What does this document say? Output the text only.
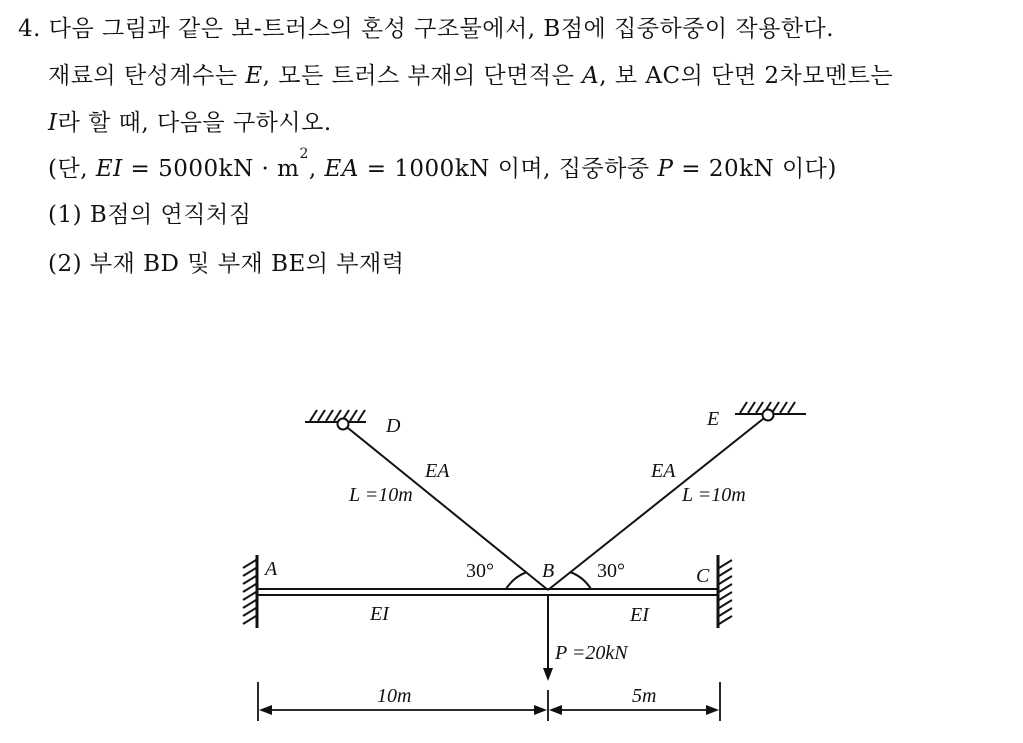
4. 다음 그림과 같은 보-트러스의 혼성 구조물에서, B점에 집중하중이 작용한다.
재료의 탄성계수는 E, 모든 트러스 부재의 단면적은 A, 보 AC의 단면 2차모멘트는
I라 할 때, 다음을 구하시오.
(단, EI = $5000kN \cdot m^2$, EA = 1000kN 이며, 집중하중 P = 20kN 이다)
(1) B점의 연직처짐
(2) 부재 BD 및 부재 BE의 부재력
D	E
EA
L =10m
EA
L =10m
A	B	C
30°	30°
EI	EI
P =20kN
10m	5m
